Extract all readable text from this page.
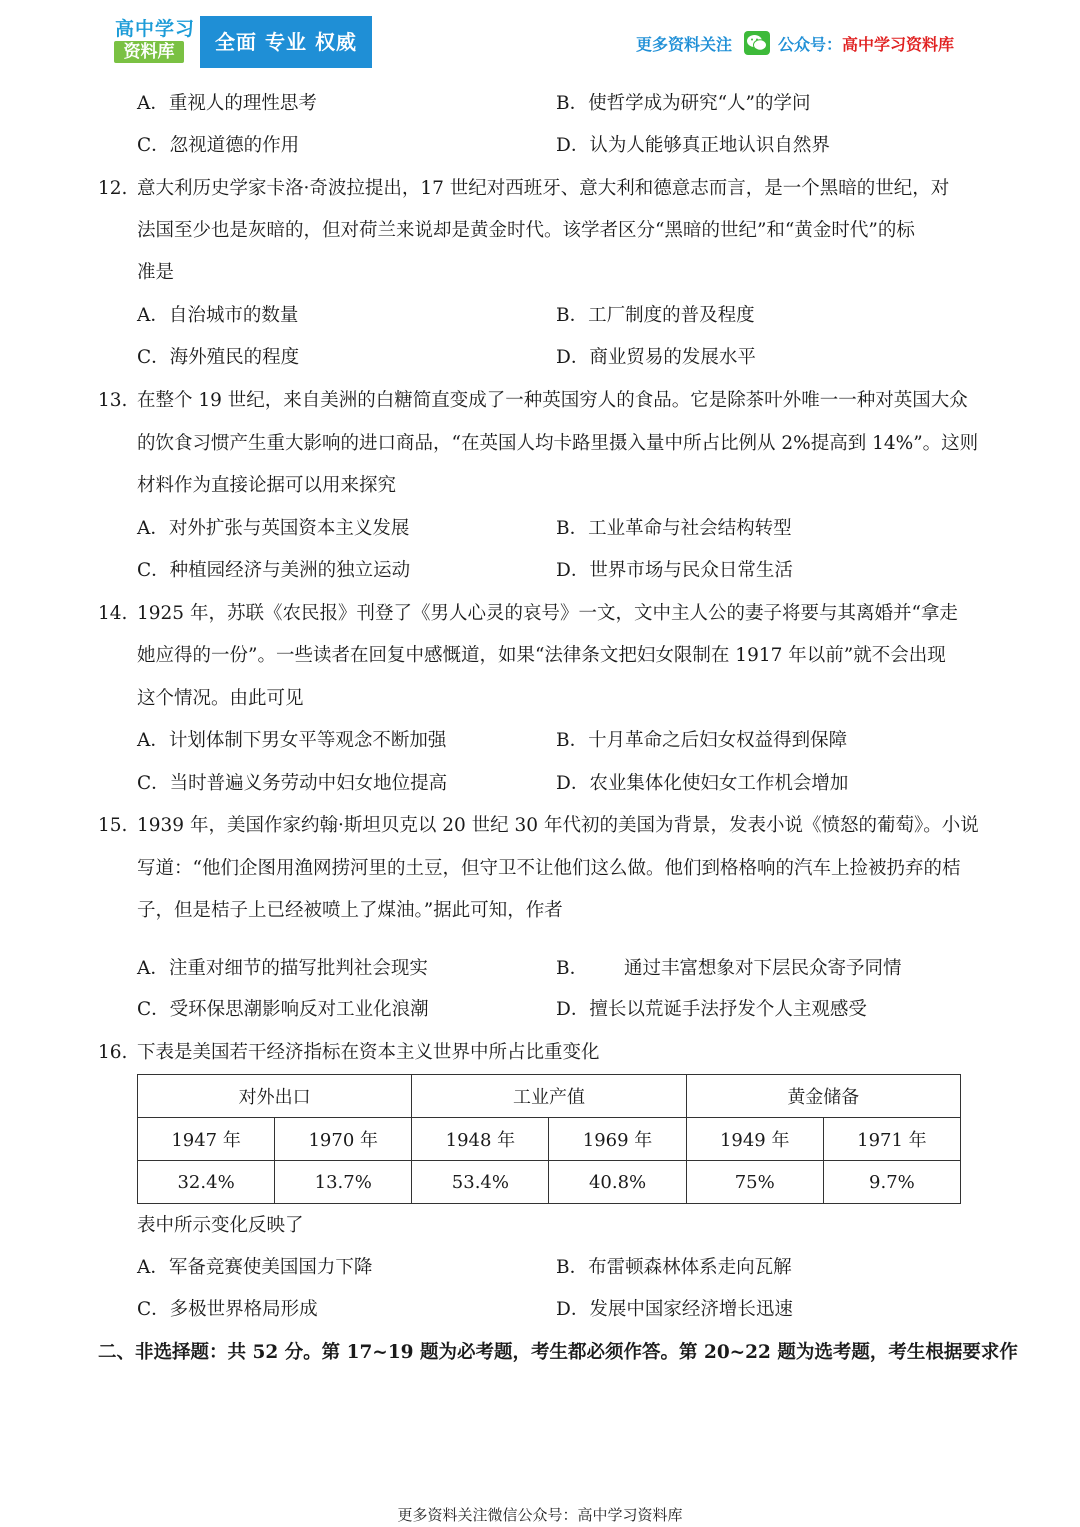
高中学习
资料库	全面 专业 权威	更多资料关注	公众号： 高中学习资料库
A．重视人的理性思考	B．使哲学成为研究“人”的学问
C．忽视道德的作用	D．认为人能够真正地认识自然界
12. 意大利历史学家卡洛·奇波拉提出，17 世纪对西班牙、意大利和德意志而言，是一个黑暗的世纪，对
法国至少也是灰暗的，但对荷兰来说却是黄金时代。该学者区分“黑暗的世纪”和“黄金时代”的标
准是
A．自治城市的数量	B．工厂制度的普及程度
C．海外殖民的程度	D．商业贸易的发展水平
13. 在整个 19 世纪，来自美洲的白糖简直变成了一种英国穷人的食品。它是除茶叶外唯一一种对英国大众
的饮食习惯产生重大影响的进口商品，“在英国人均卡路里摄入量中所占比例从 2%提高到 14%”。这则
材料作为直接论据可以用来探究
A．对外扩张与英国资本主义发展	B．工业革命与社会结构转型
C．种植园经济与美洲的独立运动	D．世界市场与民众日常生活
14. 1925 年，苏联《农民报》刊登了《男人心灵的哀号》一文，文中主人公的妻子将要与其离婚并“拿走
她应得的一份”。一些读者在回复中感慨道，如果“法律条文把妇女限制在 1917 年以前”就不会出现
这个情况。由此可见
A．计划体制下男女平等观念不断加强	B．十月革命之后妇女权益得到保障
C．当时普遍义务劳动中妇女地位提高	D．农业集体化使妇女工作机会增加
15. 1939 年，美国作家约翰·斯坦贝克以 20 世纪 30 年代初的美国为背景，发表小说《愤怒的葡萄》。小说
写道：“他们企图用渔网捞河里的土豆，但守卫不让他们这么做。他们到格格响的汽车上捡被扔弃的桔
子，但是桔子上已经被喷上了煤油。”据此可知，作者
A．注重对细节的描写批判社会现实	B． 通过丰富想象对下层民众寄予同情
C．受环保思潮影响反对工业化浪潮	D．擅长以荒诞手法抒发个人主观感受
16. 下表是美国若干经济指标在资本主义世界中所占比重变化
对外出口		工业产值		黄金储备	
1947 年	1970 年	1948 年	1969 年	1949 年	1971 年
32.4%	13.7%	53.4%	40.8%	75%	9.7%
表中所示变化反映了
A．军备竞赛使美国国力下降	B．布雷顿森林体系走向瓦解
C．多极世界格局形成	D．发展中国家经济增长迅速
二、非选择题：共 52 分。第 17~19 题为必考题，考生都必须作答。第 20~22 题为选考题，考生根据要求作
更多资料关注微信公众号：高中学习资料库
